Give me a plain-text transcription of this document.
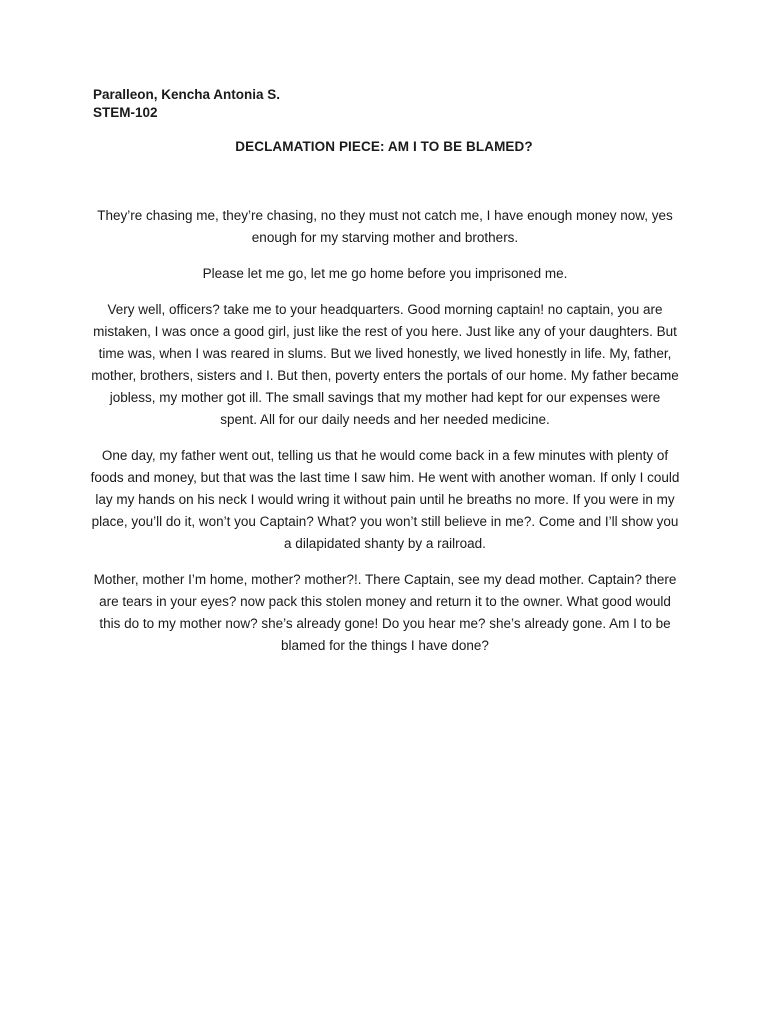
Paralleon, Kencha Antonia S.
STEM-102
DECLAMATION PIECE: AM I TO BE BLAMED?

They’re chasing me, they’re chasing, no they must not catch me, I have enough money now, yes enough for my starving mother and brothers.

Please let me go, let me go home before you imprisoned me.

Very well, officers? take me to your headquarters. Good morning captain! no captain, you are mistaken, I was once a good girl, just like the rest of you here. Just like any of your daughters. But time was, when I was reared in slums. But we lived honestly, we lived honestly in life. My, father, mother, brothers, sisters and I. But then, poverty enters the portals of our home. My father became jobless, my mother got ill. The small savings that my mother had kept for our expenses were spent. All for our daily needs and her needed medicine.

One day, my father went out, telling us that he would come back in a few minutes with plenty of foods and money, but that was the last time I saw him. He went with another woman. If only I could lay my hands on his neck I would wring it without pain until he breaths no more. If you were in my place, you’ll do it, won’t you Captain? What? you won’t still believe in me?. Come and I’ll show you a dilapidated shanty by a railroad.

Mother, mother I’m home, mother? mother?!. There Captain, see my dead mother. Captain? there are tears in your eyes? now pack this stolen money and return it to the owner. What good would this do to my mother now? she’s already gone! Do you hear me? she’s already gone. Am I to be blamed for the things I have done?
